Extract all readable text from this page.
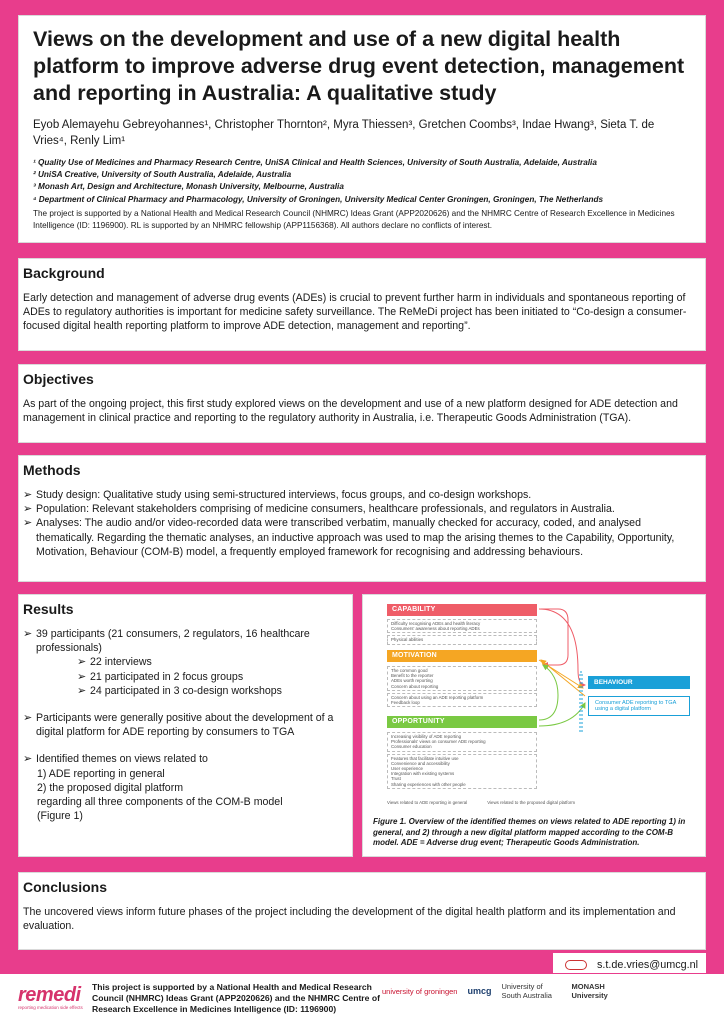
Views on the development and use of a new digital health platform to improve adverse drug event detection, management and reporting in Australia: A qualitative study
Eyob Alemayehu Gebreyohannes¹, Christopher Thornton², Myra Thiessen³, Gretchen Coombs³, Indae Hwang³, Sieta T. de Vries⁴, Renly Lim¹
¹ Quality Use of Medicines and Pharmacy Research Centre, UniSA Clinical and Health Sciences, University of South Australia, Adelaide, Australia
² UniSA Creative, University of South Australia, Adelaide, Australia
³ Monash Art, Design and Architecture, Monash University, Melbourne, Australia
⁴ Department of Clinical Pharmacy and Pharmacology, University of Groningen, University Medical Center Groningen, Groningen, The Netherlands
The project is supported by a National Health and Medical Research Council (NHMRC) Ideas Grant (APP2020626) and the NHMRC Centre of Research Excellence in Medicines Intelligence (ID: 1196900). RL is supported by an NHMRC fellowship (APP1156368). All authors declare no conflicts of interest.
Background
Early detection and management of adverse drug events (ADEs) is crucial to prevent further harm in individuals and spontaneous reporting of ADEs to regulatory authorities is important for medicine safety surveillance. The ReMeDi project has been initiated to “Co-design a consumer-focused digital health reporting platform to improve ADE detection, management and reporting”.
Objectives
As part of the ongoing project, this first study explored views on the development and use of a new platform designed for ADE detection and management in clinical practice and reporting to the regulatory authority in Australia, i.e. Therapeutic Goods Administration (TGA).
Methods
➢ Study design: Qualitative study using semi-structured interviews, focus groups, and co-design workshops.
➢ Population: Relevant stakeholders comprising of medicine consumers, healthcare professionals, and regulators in Australia.
➢ Analyses: The audio and/or video-recorded data were transcribed verbatim, manually checked for accuracy, coded, and analysed thematically. Regarding the thematic analyses, an inductive approach was used to map the arising themes to the Capability, Opportunity, Motivation, Behaviour (COM-B) model, a frequently employed framework for recognising and addressing behaviours.
Results
➢ 39 participants (21 consumers, 2 regulators, 16 healthcare professionals)
➢ 22 interviews
➢ 21 participated in 2 focus groups
➢ 24 participated in 3 co-design workshops
➢ Participants were generally positive about the development of a digital platform for ADE reporting by consumers to TGA
➢ Identified themes on views related to
1) ADE reporting in general
2) the proposed digital platform
regarding all three components of the COM-B model
(Figure 1)
CAPABILITY
Difficulty recognising ADEs and health literacy
Consumers' awareness about reporting ADEs
Physical abilities
MOTIVATION
The common good
Benefit to the reporter
ADEs worth reporting
Concern about reporting
Concern about using an ADE reporting platform
Feedback loop
OPPORTUNITY
Increasing visibility of ADE reporting
Professionals' views on consumer ADE reporting
Consumer education
Features that facilitate intuitive use
Convenience and accessibility
User experience
Integration with existing systems
Trust
Sharing experiences with other people
Views related to ADE reporting in general	Views related to the proposed digital platform
BEHAVIOUR
Consumer ADE reporting to TGA using a digital platform
Figure 1. Overview of the identified themes on views related to ADE reporting 1) in general, and 2) through a new digital platform mapped according to the COM-B model. ADE = Adverse drug event; Therapeutic Goods Administration.
Conclusions
The uncovered views inform future phases of the project including the development of the digital health platform and its implementation and evaluation.
s.t.de.vries@umcg.nl
remedi
reporting medication side effects
This project is supported by a National Health and Medical Research Council (NHMRC) Ideas Grant (APP2020626) and the NHMRC Centre of Research Excellence in Medicines Intelligence (ID: 1196900)
university of groningen umcg University of South Australia
MONASH University
